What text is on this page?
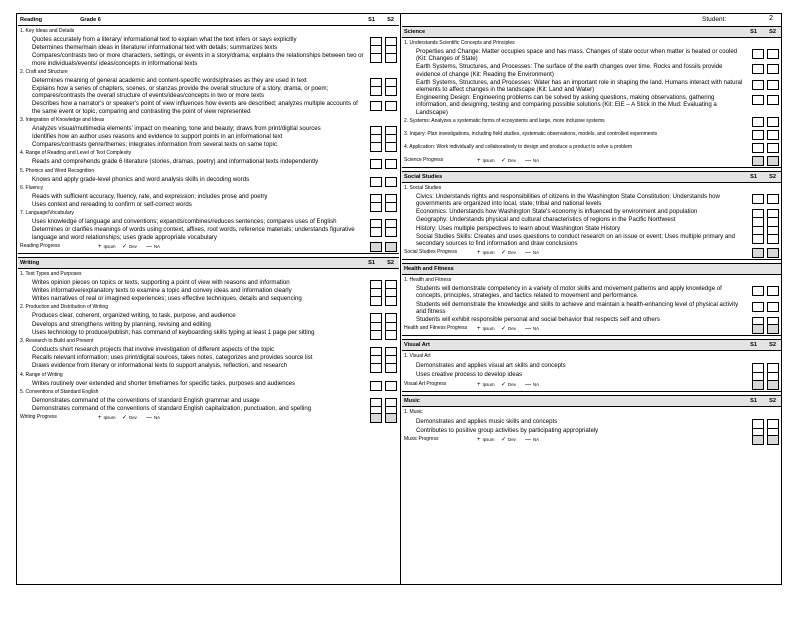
Reading	Grade 6	S1 S2
1. Key Ideas and Details
Quotes accurately from a literary/ informational text to explain what the text infers or says explicitly
Determines theme/main ideas in literature/ informational text with details; summarizes texts
Compares/contrasts two or more characters, settings, or events in a story/drama; explains the relationships between two or more individuals/events/ ideas/concepts in informational texts
2. Craft and Structure
Determines meaning of general academic and content-specific words/phrases as they are used in text
Explains how a series of chapters, scenes, or stanzas provide the overall structure of a story, drama, or poem; compares/contrasts the overall structure of events/ideas/concepts in two or more texts
Describes how a narrator's or speaker's point of view influences how events are described; analyzes multiple accounts of the same event or topic, comparing and contrasting the point of view represented
3. Integration of Knowledge and Ideas
Analyzes visual/multimedia elements' impact on meaning, tone and beauty; draws from print/digital sources
Identifies how an author uses reasons and evidence to support points in an informational text
Compares/contrasts genre/themes; integrates information from several texts on same topic
4. Range of Reading and Level of Text Complexity
Reads and comprehends grade 6 literature (stories, dramas, poetry) and informational texts independently
5. Phonics and Word Recognition
Knows and apply grade-level phonics and word analysis skills in decoding words
6. Fluency
Reads with sufficient accuracy, fluency, rate, and expression; includes prose and poetry
Uses context and rereading to confirm or self-correct words
7. Language/Vocabulary
Uses knowledge of language and conventions; expands/combines/reduces sentences; compares uses of English
Determines or clarifies meanings of words using context, affixes, root words, reference materials; understands figurative language and word relationships; uses grade appropriate vocabulary
Reading Progress	+ Ipsum ✓ Dev — NA
Writing	S1 S2
1. Text Types and Purposes
Writes opinion pieces on topics or texts, supporting a point of view with reasons and information
Writes informative/explanatory texts to examine a topic and convey ideas and information clearly
Writes narratives of real or imagined experiences; uses effective techniques, details and sequencing
2. Production and Distribution of Writing
Produces clear, coherent, organized writing, to task, purpose, and audience
Develops and strengthens writing by planning, revising and editing
Uses technology to produce/publish; has command of keyboarding skills typing at least 1 page per sitting
3. Research to Build and Present
Conducts short research projects that involve investigation of different aspects of the topic
Recalls relevant information; uses print/digital sources, takes notes, categorizes and provides source list
Draws evidence from literary or informational texts to support analysis, reflection, and research
4. Range of Writing
Writes routinely over extended and shorter timeframes for specific tasks, purposes and audiences
5. Conventions of Standard English
Demonstrates command of the conventions of standard English grammar and usage
Demonstrates command of the conventions of standard English capitalization, punctuation, and spelling
Writing Progress	+ Ipsum ✓ Dev — NA
Student:	2
Science	S1 S2
1. Understands Scientific Concepts and Principles
Properties and Change: Matter occupies space and has mass. Changes of state occur when matter is heated or cooled (Kit: Changes of State)
Earth Systems, Structures, and Processes: The surface of the earth changes over time. Rocks and fossils provide evidence of change (Kit: Reading the Environment)
Earth Systems, Structures, and Processes: Water has an important role in shaping the land. Humans interact with natural elements to affect changes in the landscape (Kit: Land and Water)
Engineering Design: Engineering problems can be solved by asking questions, making observations, gathering information, and designing, testing and comparing possible solutions (Kit: EIE – A Stick in the Mud: Evaluating a Landscape)
2. Systems: Analyzes a systematic forms of ecosystems and large, more inclusive systems
3. Inquiry: Plan investigations, including field studies, systematic observations, models, and controlled experiments
4. Application: Work individually and collaboratively to design and produce a product to solve a problem
Science Progress	+ Ipsum ✓ Dev — NA
Social Studies	S1 S2
1. Social Studies
Civics: Understands rights and responsibilities of citizens in the Washington State Constitution; Understands how governments are organized into local, state, tribal and national levels
Economics: Understands how Washington State's economy is influenced by environment and population
Geography: Understands physical and cultural characteristics of regions in the Pacific Northwest
History: Uses multiple perspectives to learn about Washington State History
Social Studies Skills: Creates and uses questions to conduct research on an issue or event; Uses multiple primary and secondary sources to find information and draw conclusions
Social Studies Progress	+ Ipsum ✓ Dev — NA
Health and Fitness
1. Health and Fitness
Students will demonstrate competency in a variety of motor skills and movement patterns and apply knowledge of concepts, principles, strategies, and tactics related to movement and performance.
Students will demonstrate the knowledge and skills to achieve and maintain a health-enhancing level of physical activity and fitness
Students will exhibit responsible personal and social behavior that respects self and others
Health and Fitness Progress + Ipsum ✓ Dev — NA
Visual Art	S1 S2
1. Visual Art
Demonstrates and applies visual art skills and concepts
Uses creative process to develop ideas
Visual Art Progress	+ Ipsum ✓ Dev — NA
Music	S1 S2
1. Music
Demonstrates and applies music skills and concepts
Contributes to positive group activities by participating appropriately
Music Progress	+ Ipsum ✓ Dev — NA
